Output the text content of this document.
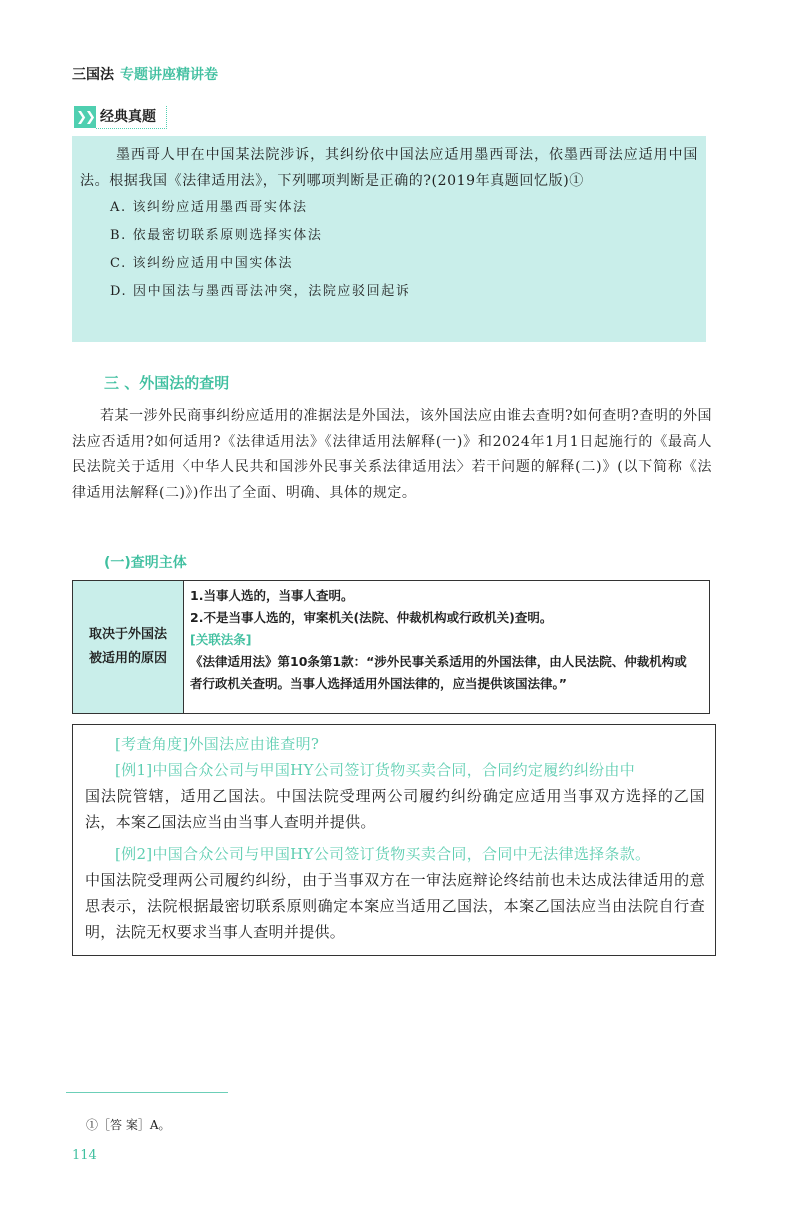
三国法 专题讲座精讲卷
❯❯ 经典真题

墨西哥人甲在中国某法院涉诉，其纠纷依中国法应适用墨西哥法，依墨西哥法应适用中国法。根据我国《法律适用法》，下列哪项判断是正确的?(2019年真题回忆版)①

A. 该纠纷应适用墨西哥实体法
B. 依最密切联系原则选择实体法
C. 该纠纷应适用中国实体法
D. 因中国法与墨西哥法冲突，法院应驳回起诉
三 、外国法的查明

若某一涉外民商事纠纷应适用的准据法是外国法，该外国法应由谁去查明?如何查明?查明的外国法应否适用?如何适用?《法律适用法》《法律适用法解释(一)》和2024年1月1日起施行的《最高人民法院关于适用〈中华人民共和国涉外民事关系法律适用法〉若干问题的解释(二)》(以下简称《法律适用法解释(二)》)作出了全面、明确、具体的规定。

(一)查明主体
取决于外国法
被适用的原因
1.当事人选的，当事人查明。
2.不是当事人选的，审案机关(法院、仲裁机构或行政机关)查明。
[关联法条]
《法律适用法》第10条第1款：“涉外民事关系适用的外国法律，由人民法院、仲裁机构或者行政机关查明。当事人选择适用外国法律的，应当提供该国法律。”

[考查角度]外国法应由谁查明?

[例1]中国合众公司与甲国HY公司签订货物买卖合同，合同约定履约纠纷由中

国法院管辖，适用乙国法。中国法院受理两公司履约纠纷确定应适用当事双方选择的乙国法，本案乙国法应当由当事人查明并提供。

[例2]中国合众公司与甲国HY公司签订货物买卖合同，合同中无法律选择条款。

中国法院受理两公司履约纠纷，由于当事双方在一审法庭辩论终结前也未达成法律适用的意思表示，法院根据最密切联系原则确定本案应当适用乙国法，本案乙国法应当由法院自行查明，法院无权要求当事人查明并提供。
①［答 案］A。
114
